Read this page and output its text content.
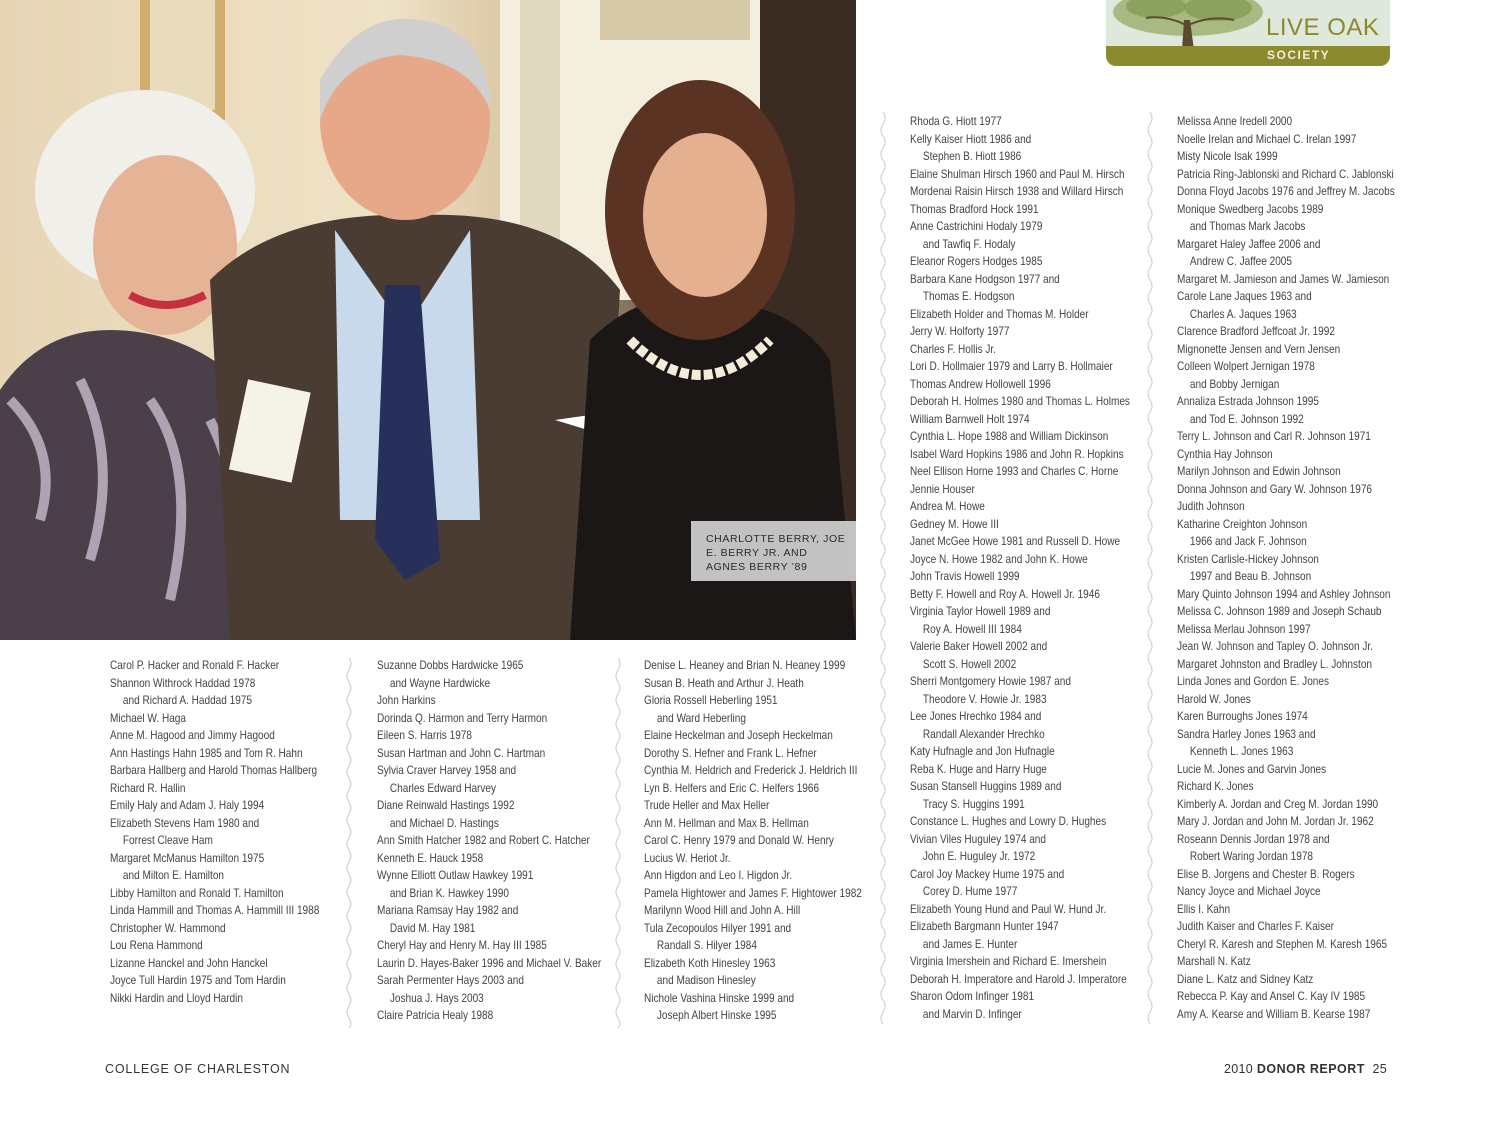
CHARLOTTE BERRY, JOE E. BERRY JR. AND AGNES BERRY ’89
LIVE OAK
SOCIETY
Carol P. Hacker and Ronald F. Hacker
Shannon Withrock Haddad 1978
and Richard A. Haddad 1975
Michael W. Haga
Anne M. Hagood and Jimmy Hagood
Ann Hastings Hahn 1985 and Tom R. Hahn
Barbara Hallberg and Harold Thomas Hallberg
Richard R. Hallin
Emily Haly and Adam J. Haly 1994
Elizabeth Stevens Ham 1980 and
Forrest Cleave Ham
Margaret McManus Hamilton 1975
and Milton E. Hamilton
Libby Hamilton and Ronald T. Hamilton
Linda Hammill and Thomas A. Hammill III 1988
Christopher W. Hammond
Lou Rena Hammond
Lizanne Hanckel and John Hanckel
Joyce Tull Hardin 1975 and Tom Hardin
Nikki Hardin and Lloyd Hardin
Suzanne Dobbs Hardwicke 1965
and Wayne Hardwicke
John Harkins
Dorinda Q. Harmon and Terry Harmon
Eileen S. Harris 1978
Susan Hartman and John C. Hartman
Sylvia Craver Harvey 1958 and
Charles Edward Harvey
Diane Reinwald Hastings 1992
and Michael D. Hastings
Ann Smith Hatcher 1982 and Robert C. Hatcher
Kenneth E. Hauck 1958
Wynne Elliott Outlaw Hawkey 1991
and Brian K. Hawkey 1990
Mariana Ramsay Hay 1982 and
David M. Hay 1981
Cheryl Hay and Henry M. Hay III 1985
Laurin D. Hayes-Baker 1996 and Michael V. Baker
Sarah Permenter Hays 2003 and
Joshua J. Hays 2003
Claire Patricia Healy 1988
Denise L. Heaney and Brian N. Heaney 1999
Susan B. Heath and Arthur J. Heath
Gloria Rossell Heberling 1951
and Ward Heberling
Elaine Heckelman and Joseph Heckelman
Dorothy S. Hefner and Frank L. Hefner
Cynthia M. Heldrich and Frederick J. Heldrich III
Lyn B. Helfers and Eric C. Helfers 1966
Trude Heller and Max Heller
Ann M. Hellman and Max B. Hellman
Carol C. Henry 1979 and Donald W. Henry
Lucius W. Heriot Jr.
Ann Higdon and Leo I. Higdon Jr.
Pamela Hightower and James F. Hightower 1982
Marilynn Wood Hill and John A. Hill
Tula Zecopoulos Hilyer 1991 and
Randall S. Hilyer 1984
Elizabeth Koth Hinesley 1963
and Madison Hinesley
Nichole Vashina Hinske 1999 and
Joseph Albert Hinske 1995
Rhoda G. Hiott 1977
Kelly Kaiser Hiott 1986 and
Stephen B. Hiott 1986
Elaine Shulman Hirsch 1960 and Paul M. Hirsch
Mordenai Raisin Hirsch 1938 and Willard Hirsch
Thomas Bradford Hock 1991
Anne Castrichini Hodaly 1979
and Tawfiq F. Hodaly
Eleanor Rogers Hodges 1985
Barbara Kane Hodgson 1977 and
Thomas E. Hodgson
Elizabeth Holder and Thomas M. Holder
Jerry W. Holforty 1977
Charles F. Hollis Jr.
Lori D. Hollmaier 1979 and Larry B. Hollmaier
Thomas Andrew Hollowell 1996
Deborah H. Holmes 1980 and Thomas L. Holmes
William Barnwell Holt 1974
Cynthia L. Hope 1988 and William Dickinson
Isabel Ward Hopkins 1986 and John R. Hopkins
Neel Ellison Horne 1993 and Charles C. Horne
Jennie Houser
Andrea M. Howe
Gedney M. Howe III
Janet McGee Howe 1981 and Russell D. Howe
Joyce N. Howe 1982 and John K. Howe
John Travis Howell 1999
Betty F. Howell and Roy A. Howell Jr. 1946
Virginia Taylor Howell 1989 and
Roy A. Howell III 1984
Valerie Baker Howell 2002 and
Scott S. Howell 2002
Sherri Montgomery Howie 1987 and
Theodore V. Howie Jr. 1983
Lee Jones Hrechko 1984 and
Randall Alexander Hrechko
Katy Hufnagle and Jon Hufnagle
Reba K. Huge and Harry Huge
Susan Stansell Huggins 1989 and
Tracy S. Huggins 1991
Constance L. Hughes and Lowry D. Hughes
Vivian Viles Huguley 1974 and
John E. Huguley Jr. 1972
Carol Joy Mackey Hume 1975 and
Corey D. Hume 1977
Elizabeth Young Hund and Paul W. Hund Jr.
Elizabeth Bargmann Hunter 1947
and James E. Hunter
Virginia Imershein and Richard E. Imershein
Deborah H. Imperatore and Harold J. Imperatore
Sharon Odom Infinger 1981
and Marvin D. Infinger
Melissa Anne Iredell 2000
Noelle Irelan and Michael C. Irelan 1997
Misty Nicole Isak 1999
Patricia Ring-Jablonski and Richard C. Jablonski
Donna Floyd Jacobs 1976 and Jeffrey M. Jacobs
Monique Swedberg Jacobs 1989
and Thomas Mark Jacobs
Margaret Haley Jaffee 2006 and
Andrew C. Jaffee 2005
Margaret M. Jamieson and James W. Jamieson
Carole Lane Jaques 1963 and
Charles A. Jaques 1963
Clarence Bradford Jeffcoat Jr. 1992
Mignonette Jensen and Vern Jensen
Colleen Wolpert Jernigan 1978
and Bobby Jernigan
Annaliza Estrada Johnson 1995
and Tod E. Johnson 1992
Terry L. Johnson and Carl R. Johnson 1971
Cynthia Hay Johnson
Marilyn Johnson and Edwin Johnson
Donna Johnson and Gary W. Johnson 1976
Judith Johnson
Katharine Creighton Johnson
1966 and Jack F. Johnson
Kristen Carlisle-Hickey Johnson
1997 and Beau B. Johnson
Mary Quinto Johnson 1994 and Ashley Johnson
Melissa C. Johnson 1989 and Joseph Schaub
Melissa Merlau Johnson 1997
Jean W. Johnson and Tapley O. Johnson Jr.
Margaret Johnston and Bradley L. Johnston
Linda Jones and Gordon E. Jones
Harold W. Jones
Karen Burroughs Jones 1974
Sandra Harley Jones 1963 and
Kenneth L. Jones 1963
Lucie M. Jones and Garvin Jones
Richard K. Jones
Kimberly A. Jordan and Creg M. Jordan 1990
Mary J. Jordan and John M. Jordan Jr. 1962
Roseann Dennis Jordan 1978 and
Robert Waring Jordan 1978
Elise B. Jorgens and Chester B. Rogers
Nancy Joyce and Michael Joyce
Ellis I. Kahn
Judith Kaiser and Charles F. Kaiser
Cheryl R. Karesh and Stephen M. Karesh 1965
Marshall N. Katz
Diane L. Katz and Sidney Katz
Rebecca P. Kay and Ansel C. Kay IV 1985
Amy A. Kearse and William B. Kearse 1987
COLLEGE OF CHARLESTON	2010 DONOR REPORT 25
